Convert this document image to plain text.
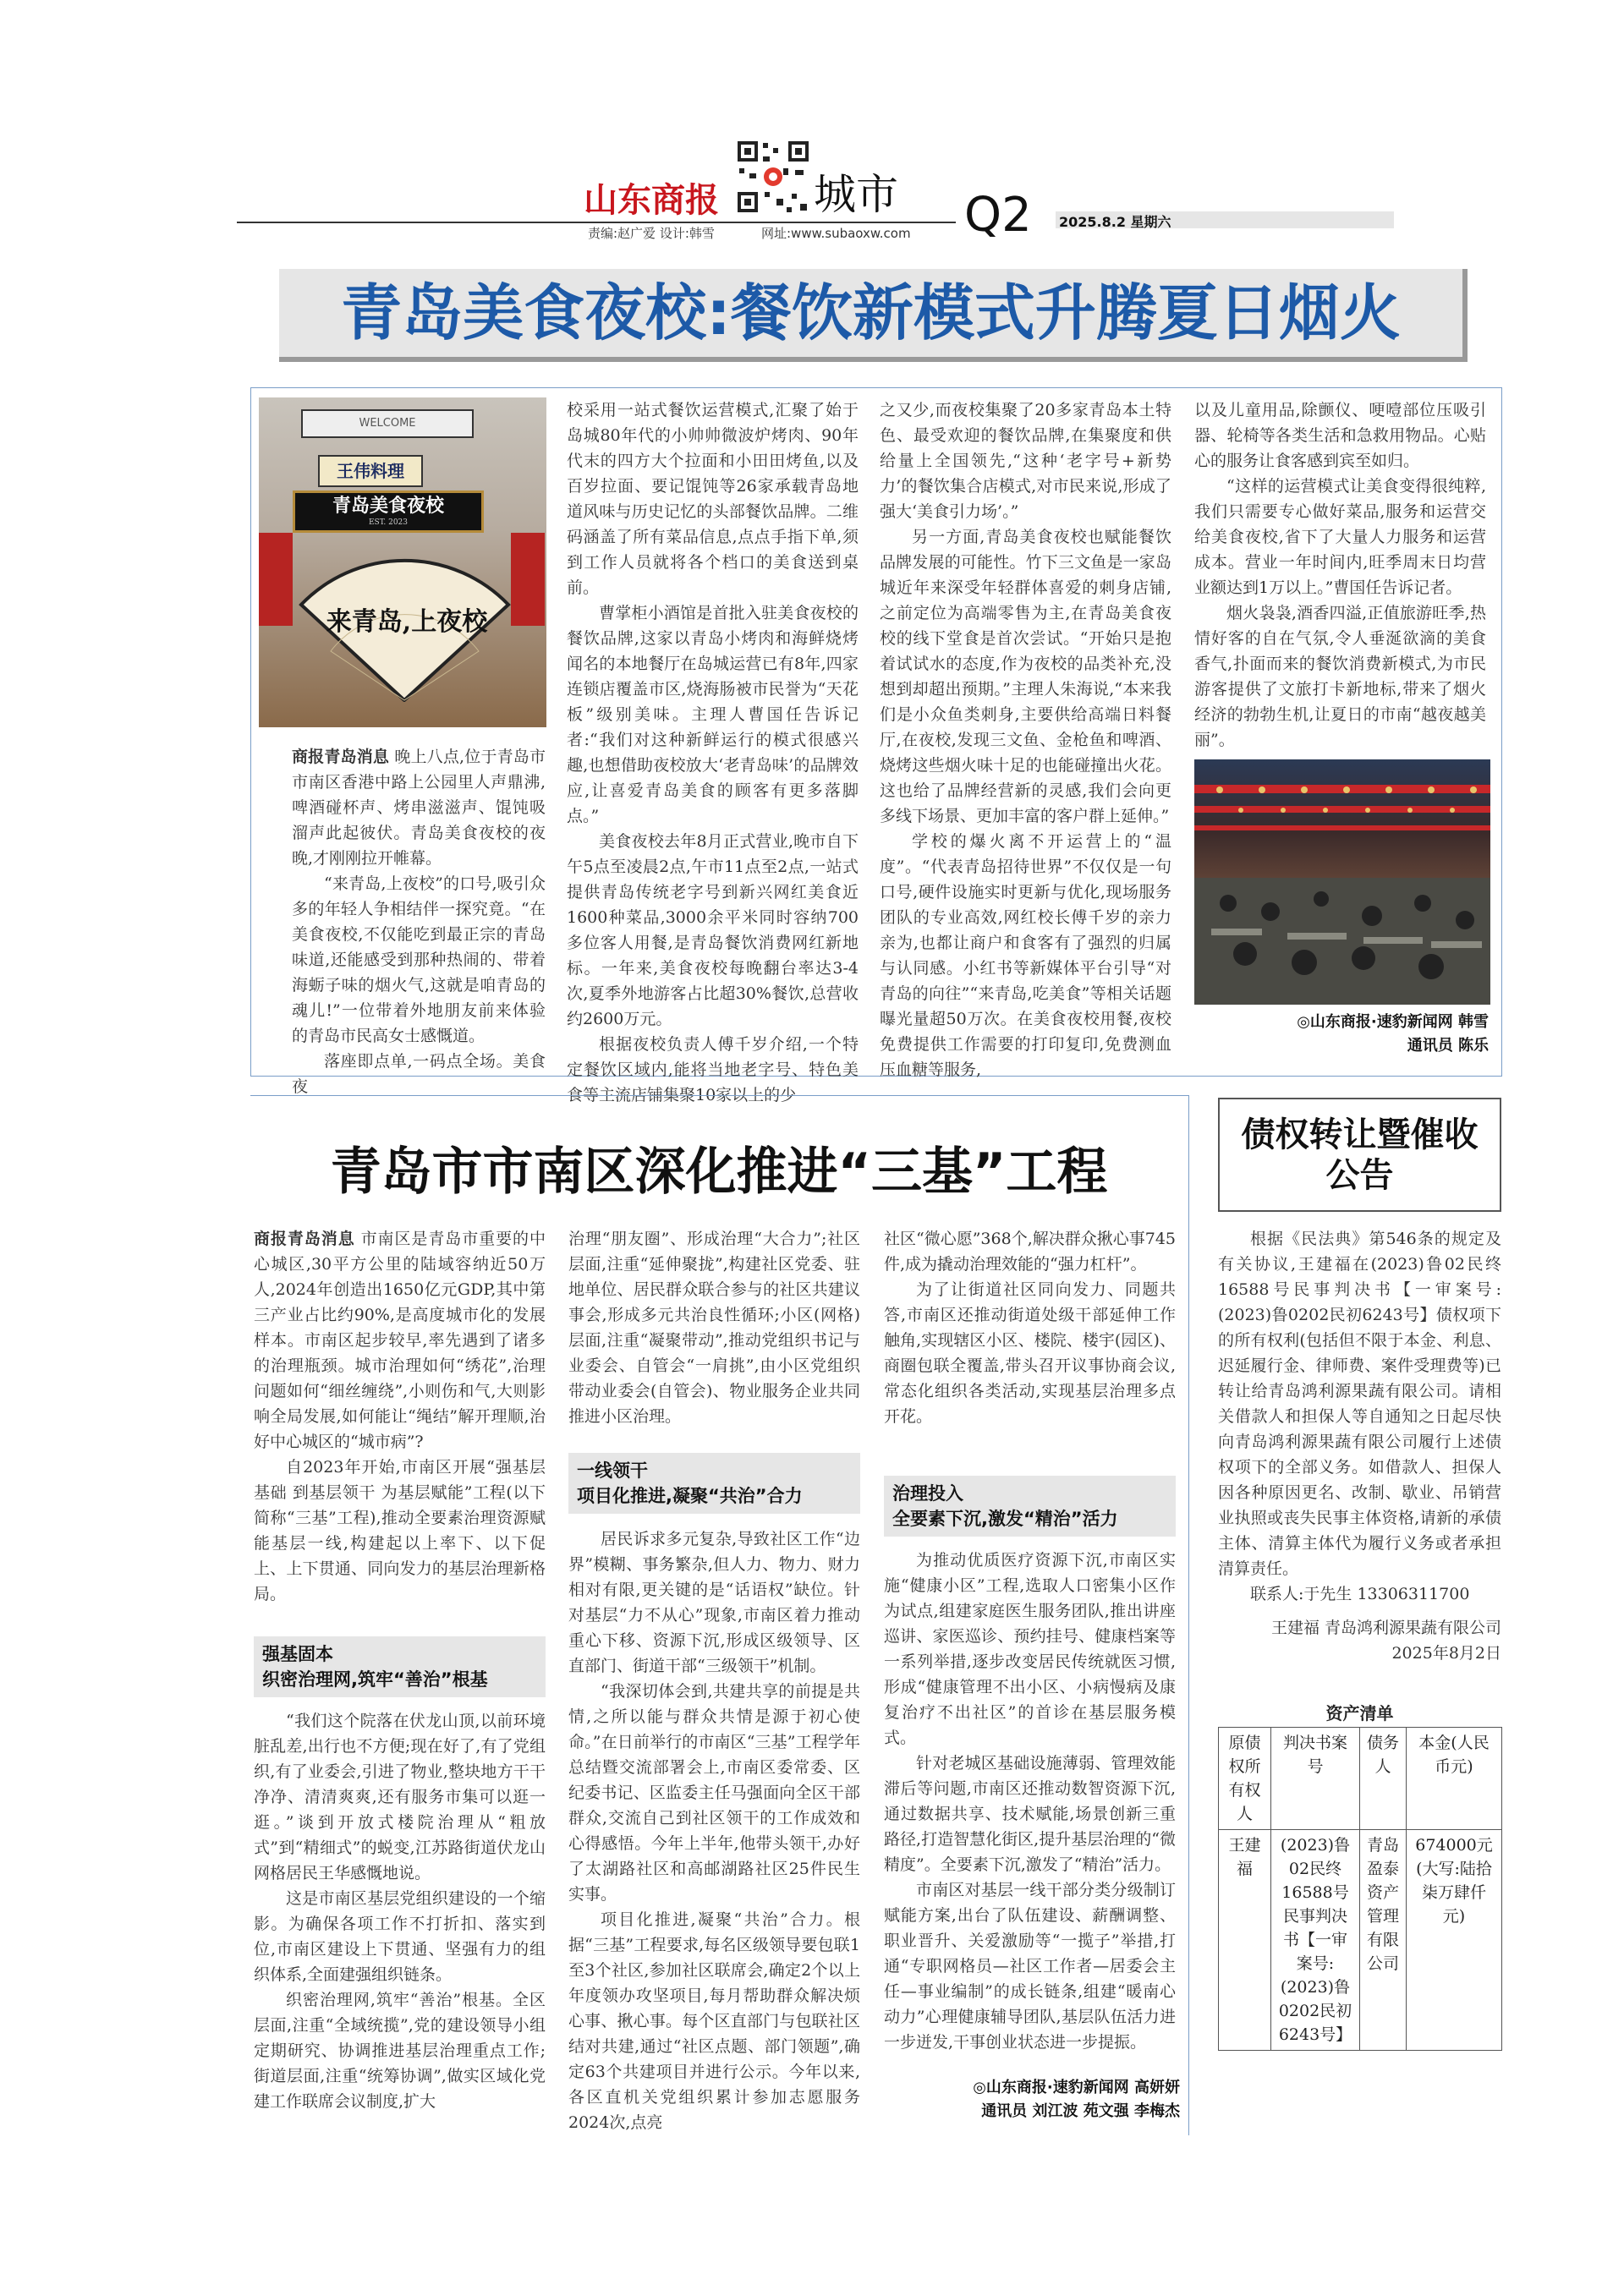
山东商报 城市
责编:赵广爱 设计:韩雪	网址:www.subaoxw.com Q2 2025.8.2 星期六
青岛美食夜校:餐饮新模式升腾夏日烟火
WELCOME
王伟料理
青岛美食夜校
EST. 2023
来青岛,上夜校

商报青岛消息 晚上八点,位于青岛市市南区香港中路上公园里人声鼎沸,啤酒碰杯声、烤串滋滋声、馄饨吸溜声此起彼伏。青岛美食夜校的夜晚,才刚刚拉开帷幕。

“来青岛,上夜校”的口号,吸引众多的年轻人争相结伴一探究竟。“在美食夜校,不仅能吃到最正宗的青岛味道,还能感受到那种热闹的、带着海蛎子味的烟火气,这就是咱青岛的魂儿!”一位带着外地朋友前来体验的青岛市民高女士感慨道。

落座即点单,一码点全场。美食夜

校采用一站式餐饮运营模式,汇聚了始于岛城80年代的小帅帅微波炉烤肉、90年代末的四方大个拉面和小田田烤鱼,以及百岁拉面、要记馄饨等26家承载青岛地道风味与历史记忆的头部餐饮品牌。二维码涵盖了所有菜品信息,点点手指下单,须到工作人员就将各个档口的美食送到桌前。

曹掌柜小酒馆是首批入驻美食夜校的餐饮品牌,这家以青岛小烤肉和海鲜烧烤闻名的本地餐厅在岛城运营已有8年,四家连锁店覆盖市区,烧海肠被市民誉为“天花板”级别美味。主理人曹国任告诉记者:“我们对这种新鲜运行的模式很感兴趣,也想借助夜校放大‘老青岛味’的品牌效应,让喜爱青岛美食的顾客有更多落脚点。”

美食夜校去年8月正式营业,晚市自下午5点至凌晨2点,午市11点至2点,一站式提供青岛传统老字号到新兴网红美食近1600种菜品,3000余平米同时容纳700多位客人用餐,是青岛餐饮消费网红新地标。一年来,美食夜校每晚翻台率达3-4次,夏季外地游客占比超30%餐饮,总营收约2600万元。

根据夜校负责人傅千岁介绍,一个特定餐饮区域内,能将当地老字号、特色美食等主流店铺集聚10家以上的少

之又少,而夜校集聚了20多家青岛本土特色、最受欢迎的餐饮品牌,在集聚度和供给量上全国领先,“这种‘老字号+新势力’的餐饮集合店模式,对市民来说,形成了强大‘美食引力场’。”

另一方面,青岛美食夜校也赋能餐饮品牌发展的可能性。竹下三文鱼是一家岛城近年来深受年轻群体喜爱的刺身店铺,之前定位为高端零售为主,在青岛美食夜校的线下堂食是首次尝试。“开始只是抱着试试水的态度,作为夜校的品类补充,没想到却超出预期。”主理人朱海说,“本来我们是小众鱼类刺身,主要供给高端日料餐厅,在夜校,发现三文鱼、金枪鱼和啤酒、烧烤这些烟火味十足的也能碰撞出火花。这也给了品牌经营新的灵感,我们会向更多线下场景、更加丰富的客户群上延伸。”

学校的爆火离不开运营上的“温度”。“代表青岛招待世界”不仅仅是一句口号,硬件设施实时更新与优化,现场服务团队的专业高效,网红校长傅千岁的亲力亲为,也都让商户和食客有了强烈的归属与认同感。小红书等新媒体平台引导“对青岛的向往”“来青岛,吃美食”等相关话题曝光量超50万次。在美食夜校用餐,夜校免费提供工作需要的打印复印,免费测血压血糖等服务,

以及儿童用品,除颤仪、哽噎部位压吸引器、轮椅等各类生活和急救用物品。心贴心的服务让食客感到宾至如归。

“这样的运营模式让美食变得很纯粹,我们只需要专心做好菜品,服务和运营交给美食夜校,省下了大量人力服务和运营成本。营业一年时间内,旺季周末日均营业额达到1万以上。”曹国任告诉记者。

烟火袅袅,酒香四溢,正值旅游旺季,热情好客的自在气氛,令人垂涎欲滴的美食香气,扑面而来的餐饮消费新模式,为市民游客提供了文旅打卡新地标,带来了烟火经济的勃勃生机,让夏日的市南“越夜越美丽”。

◎山东商报·速豹新闻网 韩雪
通讯员 陈乐
青岛市市南区深化推进“三基”工程

商报青岛消息 市南区是青岛市重要的中心城区,30平方公里的陆域容纳近50万人,2024年创造出1650亿元GDP,其中第三产业占比约90%,是高度城市化的发展样本。市南区起步较早,率先遇到了诸多的治理瓶颈。城市治理如何“绣花”,治理问题如何“细丝缠绕”,小则伤和气,大则影响全局发展,如何能让“绳结”解开理顺,治好中心城区的“城市病”?

自2023年开始,市南区开展“强基层基础 到基层领干 为基层赋能”工程(以下简称“三基”工程),推动全要素治理资源赋能基层一线,构建起以上率下、以下促上、上下贯通、同向发力的基层治理新格局。

强基固本
织密治理网,筑牢“善治”根基

“我们这个院落在伏龙山顶,以前环境脏乱差,出行也不方便;现在好了,有了党组织,有了业委会,引进了物业,整块地方干干净净、清清爽爽,还有服务市集可以逛一逛。”谈到开放式楼院治理从“粗放式”到“精细式”的蜕变,江苏路街道伏龙山网格居民王华感慨地说。

这是市南区基层党组织建设的一个缩影。为确保各项工作不打折扣、落实到位,市南区建设上下贯通、坚强有力的组织体系,全面建强组织链条。

织密治理网,筑牢“善治”根基。全区层面,注重“全域统揽”,党的建设领导小组定期研究、协调推进基层治理重点工作;街道层面,注重“统筹协调”,做实区域化党建工作联席会议制度,扩大

治理“朋友圈”、形成治理“大合力”;社区层面,注重“延伸聚拢”,构建社区党委、驻地单位、居民群众联合参与的社区共建议事会,形成多元共治良性循环;小区(网格)层面,注重“凝聚带动”,推动党组织书记与业委会、自管会“一肩挑”,由小区党组织带动业委会(自管会)、物业服务企业共同推进小区治理。

一线领干
项目化推进,凝聚“共治”合力

居民诉求多元复杂,导致社区工作“边界”模糊、事务繁杂,但人力、物力、财力相对有限,更关键的是“话语权”缺位。针对基层“力不从心”现象,市南区着力推动重心下移、资源下沉,形成区级领导、区直部门、街道干部“三级领干”机制。

“我深切体会到,共建共享的前提是共情,之所以能与群众共情是源于初心使命。”在日前举行的市南区“三基”工程学年总结暨交流部署会上,市南区委常委、区纪委书记、区监委主任马强面向全区干部群众,交流自己到社区领干的工作成效和心得感悟。今年上半年,他带头领干,办好了太湖路社区和高邮湖路社区25件民生实事。

项目化推进,凝聚“共治”合力。根据“三基”工程要求,每名区级领导要包联1至3个社区,参加社区联席会,确定2个以上年度领办攻坚项目,每月帮助群众解决烦心事、揪心事。每个区直部门与包联社区结对共建,通过“社区点题、部门领题”,确定63个共建项目并进行公示。今年以来,各区直机关党组织累计参加志愿服务2024次,点亮

社区“微心愿”368个,解决群众揪心事745件,成为撬动治理效能的“强力杠杆”。

为了让街道社区同向发力、同题共答,市南区还推动街道处级干部延伸工作触角,实现辖区小区、楼院、楼宇(园区)、商圈包联全覆盖,带头召开议事协商会议,常态化组织各类活动,实现基层治理多点开花。

治理投入
全要素下沉,激发“精治”活力

为推动优质医疗资源下沉,市南区实施“健康小区”工程,选取人口密集小区作为试点,组建家庭医生服务团队,推出讲座巡讲、家医巡诊、预约挂号、健康档案等一系列举措,逐步改变居民传统就医习惯,形成“健康管理不出小区、小病慢病及康复治疗不出社区”的首诊在基层服务模式。

针对老城区基础设施薄弱、管理效能滞后等问题,市南区还推动数智资源下沉,通过数据共享、技术赋能,场景创新三重路径,打造智慧化街区,提升基层治理的“微精度”。全要素下沉,激发了“精治”活力。

市南区对基层一线干部分类分级制订赋能方案,出台了队伍建设、薪酬调整、职业晋升、关爱激励等“一揽子”举措,打通“专职网格员—社区工作者—居委会主任—事业编制”的成长链条,组建“暖南心动力”心理健康辅导团队,基层队伍活力进一步迸发,干事创业状态进一步提振。

◎山东商报·速豹新闻网 高妍妍
通讯员 刘江波 苑文强 李梅杰
债权转让暨催收公告

根据《民法典》第546条的规定及有关协议,王建福在(2023)鲁02民终16588号民事判决书【一审案号:(2023)鲁0202民初6243号】债权项下的所有权利(包括但不限于本金、利息、迟延履行金、律师费、案件受理费等)已转让给青岛鸿利源果蔬有限公司。请相关借款人和担保人等自通知之日起尽快向青岛鸿利源果蔬有限公司履行上述债权项下的全部义务。如借款人、担保人因各种原因更名、改制、歇业、吊销营业执照或丧失民事主体资格,请新的承债主体、清算主体代为履行义务或者承担清算责任。

联系人:于先生 13306311700

王建福 青岛鸿利源果蔬有限公司
2025年8月2日
资产清单
原债权所有权人	判决书案号	债务人	本金(人民币元)
王建福	(2023)鲁02民终16588号民事判决书【一审案号:(2023)鲁0202民初6243号】	青岛盈泰资产管理有限公司	674000元(大写:陆拾柒万肆仟元)
